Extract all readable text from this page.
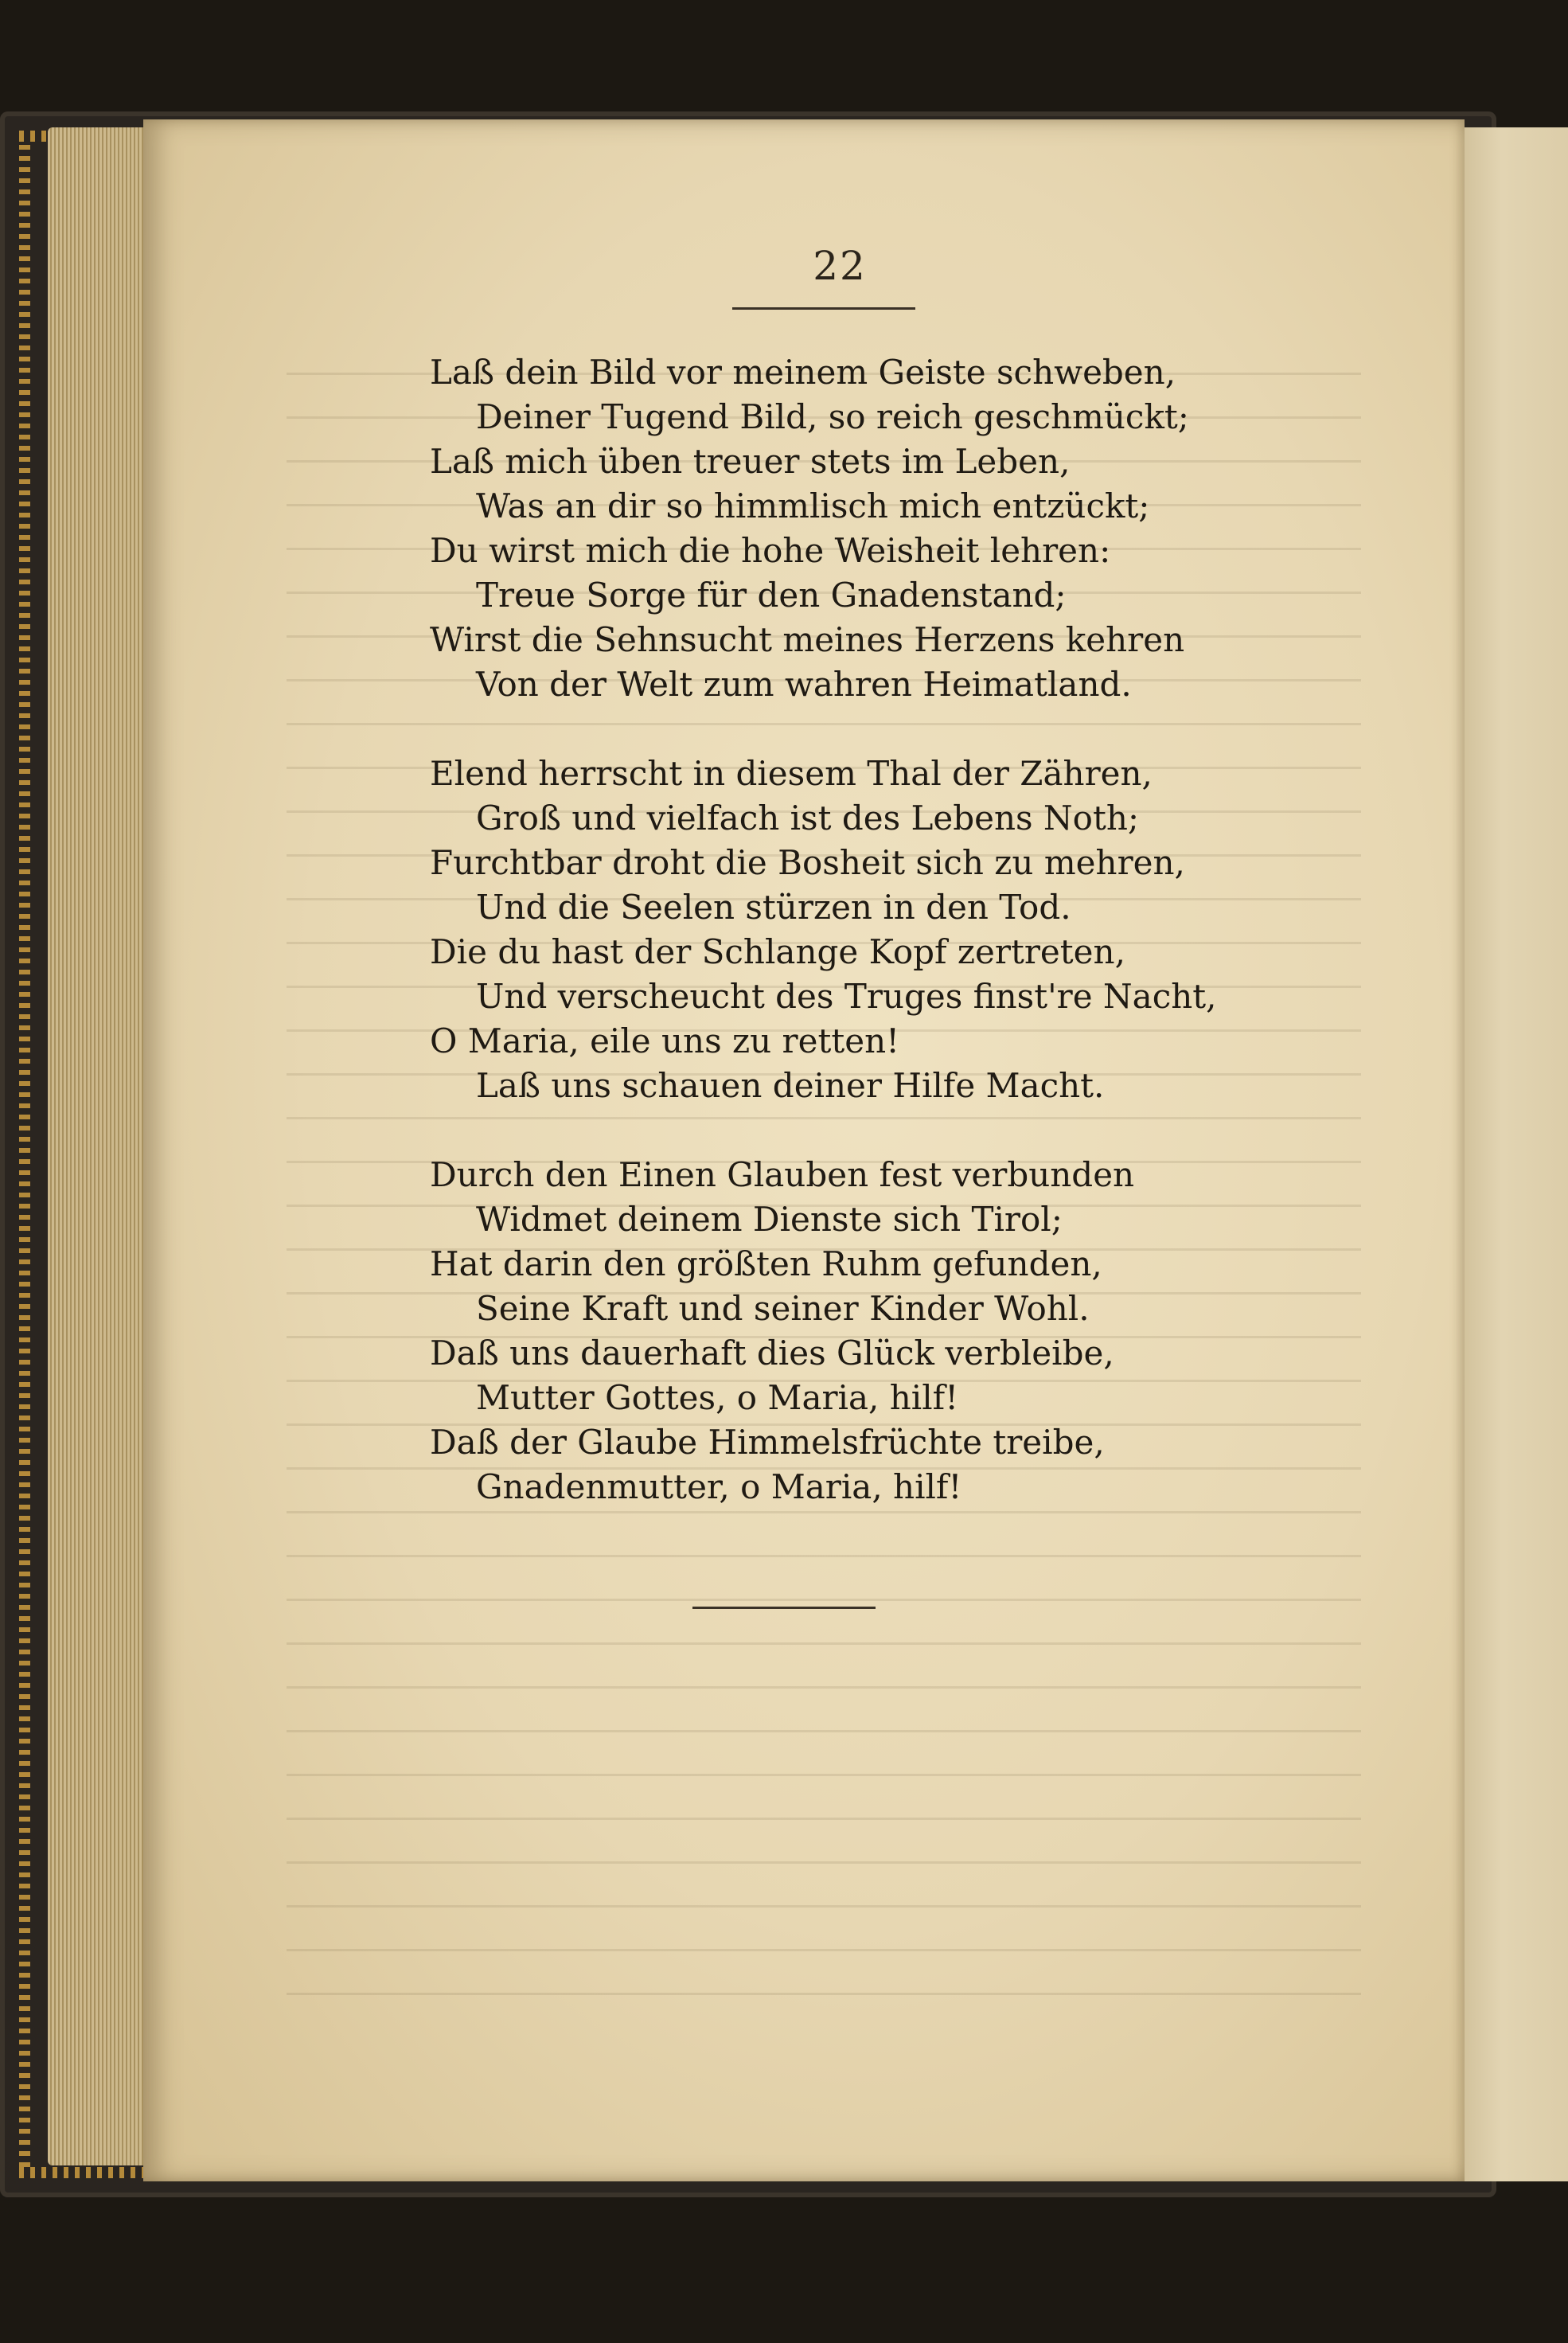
22
Laß dein Bild vor meinem Geiste schweben,
Deiner Tugend Bild, so reich geschmückt;
Laß mich üben treuer stets im Leben,
Was an dir so himmlisch mich entzückt;
Du wirst mich die hohe Weisheit lehren:
Treue Sorge für den Gnadenstand;
Wirst die Sehnsucht meines Herzens kehren
Von der Welt zum wahren Heimatland.
Elend herrscht in diesem Thal der Zähren,
Groß und vielfach ist des Lebens Noth;
Furchtbar droht die Bosheit sich zu mehren,
Und die Seelen stürzen in den Tod.
Die du hast der Schlange Kopf zertreten,
Und verscheucht des Truges finst're Nacht,
O Maria, eile uns zu retten!
Laß uns schauen deiner Hilfe Macht.
Durch den Einen Glauben fest verbunden
Widmet deinem Dienste sich Tirol;
Hat darin den größten Ruhm gefunden,
Seine Kraft und seiner Kinder Wohl.
Daß uns dauerhaft dies Glück verbleibe,
Mutter Gottes, o Maria, hilf!
Daß der Glaube Himmelsfrüchte treibe,
Gnadenmutter, o Maria, hilf!
